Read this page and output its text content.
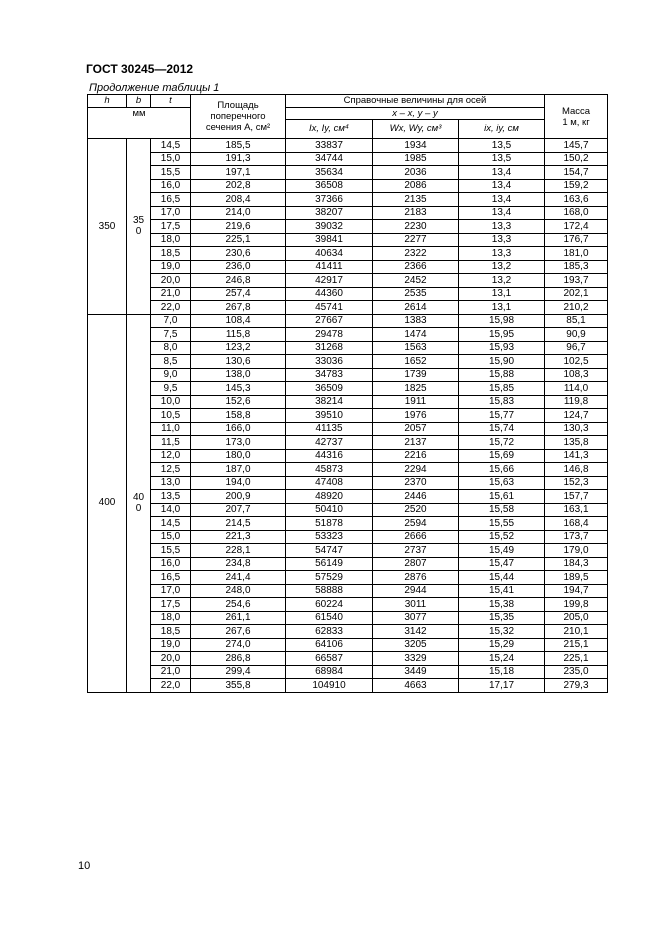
ГОСТ 30245—2012
Продолжение таблицы 1
h	b	t	Площадь
поперечного
сечения A, см²	Справочные величины для осей			Масса
1 м, кг
мм				x – x, y – y			
				Ix, Iy, см⁴	Wx, Wy, см³	ix, iy, см	
350	35
0	14,5	185,5	33837	1934	13,5	145,7
		15,0	191,3	34744	1985	13,5	150,2
		15,5	197,1	35634	2036	13,4	154,7
		16,0	202,8	36508	2086	13,4	159,2
		16,5	208,4	37366	2135	13,4	163,6
		17,0	214,0	38207	2183	13,4	168,0
		17,5	219,6	39032	2230	13,3	172,4
		18,0	225,1	39841	2277	13,3	176,7
		18,5	230,6	40634	2322	13,3	181,0
		19,0	236,0	41411	2366	13,2	185,3
		20,0	246,8	42917	2452	13,2	193,7
		21,0	257,4	44360	2535	13,1	202,1
		22,0	267,8	45741	2614	13,1	210,2
400	40
0	7,0	108,4	27667	1383	15,98	85,1
		7,5	115,8	29478	1474	15,95	90,9
		8,0	123,2	31268	1563	15,93	96,7
		8,5	130,6	33036	1652	15,90	102,5
		9,0	138,0	34783	1739	15,88	108,3
		9,5	145,3	36509	1825	15,85	114,0
		10,0	152,6	38214	1911	15,83	119,8
		10,5	158,8	39510	1976	15,77	124,7
		11,0	166,0	41135	2057	15,74	130,3
		11,5	173,0	42737	2137	15,72	135,8
		12,0	180,0	44316	2216	15,69	141,3
		12,5	187,0	45873	2294	15,66	146,8
		13,0	194,0	47408	2370	15,63	152,3
		13,5	200,9	48920	2446	15,61	157,7
		14,0	207,7	50410	2520	15,58	163,1
		14,5	214,5	51878	2594	15,55	168,4
		15,0	221,3	53323	2666	15,52	173,7
		15,5	228,1	54747	2737	15,49	179,0
		16,0	234,8	56149	2807	15,47	184,3
		16,5	241,4	57529	2876	15,44	189,5
		17,0	248,0	58888	2944	15,41	194,7
		17,5	254,6	60224	3011	15,38	199,8
		18,0	261,1	61540	3077	15,35	205,0
		18,5	267,6	62833	3142	15,32	210,1
		19,0	274,0	64106	3205	15,29	215,1
		20,0	286,8	66587	3329	15,24	225,1
		21,0	299,4	68984	3449	15,18	235,0
		22,0	355,8	104910	4663	17,17	279,3
10
